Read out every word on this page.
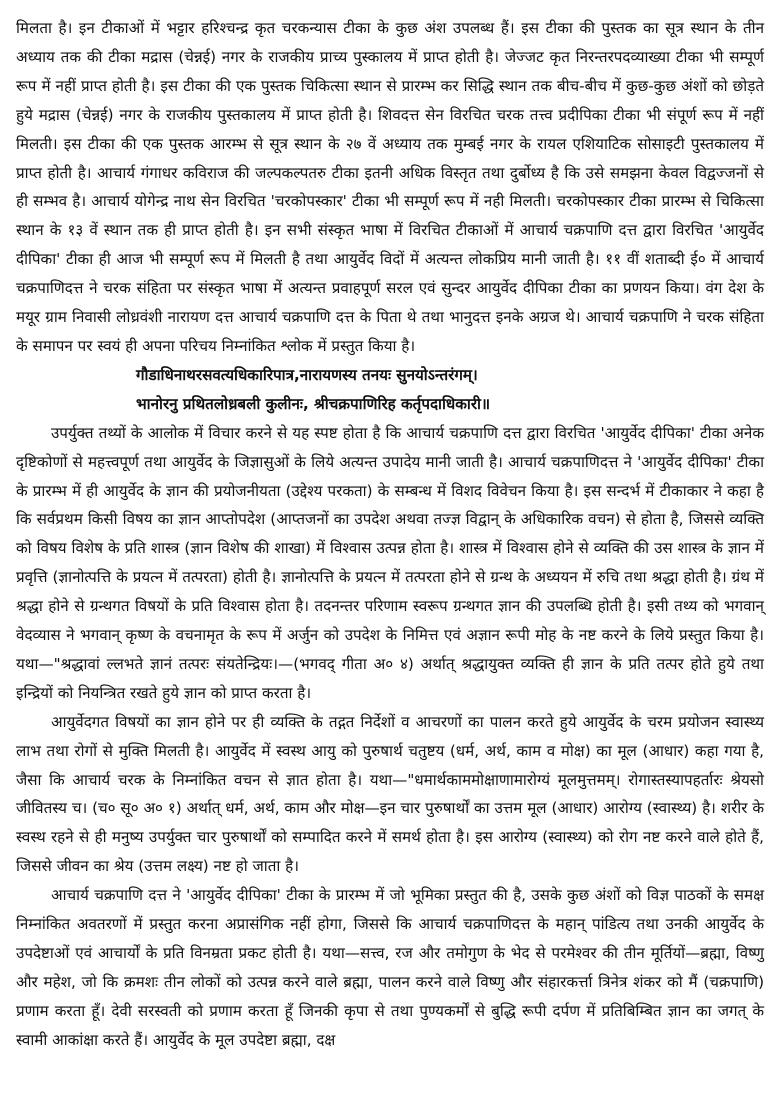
मिलता है। इन टीकाओं में भट्टार हरिश्चन्द्र कृत चरकन्यास टीका के कुछ अंश उपलब्ध हैं। इस टीका की पुस्तक का सूत्र स्थान के तीन अध्याय तक की टीका मद्रास (चेन्नई) नगर के राजकीय प्राच्य पुस्कालय में प्राप्त होती है। जेज्जट कृत निरन्तरपदव्याख्या टीका भी सम्पूर्ण रूप में नहीं प्राप्त होती है। इस टीका की एक पुस्तक चिकित्सा स्थान से प्रारम्भ कर सिद्धि स्थान तक बीच-बीच में कुछ-कुछ अंशों को छोड़ते हुये मद्रास (चेन्नई) नगर के राजकीय पुस्तकालय में प्राप्त होती है। शिवदत्त सेन विरचित चरक तत्त्व प्रदीपिका टीका भी संपूर्ण रूप में नहीं मिलती। इस टीका की एक पुस्तक आरम्भ से सूत्र स्थान के २७ वें अध्याय तक मुम्बई नगर के रायल एशियाटिक सोसाइटी पुस्तकालय में प्राप्त होती है। आचार्य गंगाधर कविराज की जल्पकल्पतरु टीका इतनी अधिक विस्तृत तथा दुर्बोध्य है कि उसे समझना केवल विद्वज्जनों से ही सम्भव है। आचार्य योगेन्द्र नाथ सेन विरचित 'चरकोपस्कार' टीका भी सम्पूर्ण रूप में नही मिलती। चरकोपस्कार टीका प्रारम्भ से चिकित्सा स्थान के १३ वें स्थान तक ही प्राप्त होती है। इन सभी संस्कृत भाषा में विरचित टीकाओं में आचार्य चक्रपाणि दत्त द्वारा विरचित 'आयुर्वेद दीपिका' टीका ही आज भी सम्पूर्ण रूप में मिलती है तथा आयुर्वेद विदों में अत्यन्त लोकप्रिय मानी जाती है। ११ वीं शताब्दी ई० में आचार्य चक्रपाणिदत्त ने चरक संहिता पर संस्कृत भाषा में अत्यन्त प्रवाहपूर्ण सरल एवं सुन्दर आयुर्वेद दीपिका टीका का प्रणयन किया। वंग देश के मयूर ग्राम निवासी लोध्रवंशी नारायण दत्त आचार्य चक्रपाणि दत्त के पिता थे तथा भानुदत्त इनके अग्रज थे। आचार्य चक्रपाणि ने चरक संहिता के समापन पर स्वयं ही अपना परिचय निम्नांकित श्लोक में प्रस्तुत किया है।

गौडाधिनाथरसवत्यधिकारिपात्र,नारायणस्य तनयः सुनयोऽन्तरंगम्।
भानोरनु प्रथितलोध्रबली कुलीनः, श्रीचक्रपाणिरिह कर्तृपदाधिकारी॥

उपर्युक्त तथ्यों के आलोक में विचार करने से यह स्पष्ट होता है कि आचार्य चक्रपाणि दत्त द्वारा विरचित 'आयुर्वेद दीपिका' टीका अनेक दृष्टिकोणों से महत्त्वपूर्ण तथा आयुर्वेद के जिज्ञासुओं के लिये अत्यन्त उपादेय मानी जाती है। आचार्य चक्रपाणिदत्त ने 'आयुर्वेद दीपिका' टीका के प्रारम्भ में ही आयुर्वेद के ज्ञान की प्रयोजनीयता (उद्देश्य परकता) के सम्बन्ध में विशद विवेचन किया है। इस सन्दर्भ में टीकाकार ने कहा है कि सर्वप्रथम किसी विषय का ज्ञान आप्तोपदेश (आप्तजनों का उपदेश अथवा तज्ज्ञ विद्वान् के अधिकारिक वचन) से होता है, जिससे व्यक्ति को विषय विशेष के प्रति शास्त्र (ज्ञान विशेष की शाखा) में विश्वास उत्पन्न होता है। शास्त्र में विश्वास होने से व्यक्ति की उस शास्त्र के ज्ञान में प्रवृत्ति (ज्ञानोत्पत्ति के प्रयत्न में तत्परता) होती है। ज्ञानोत्पत्ति के प्रयत्न में तत्परता होने से ग्रन्थ के अध्ययन में रुचि तथा श्रद्धा होती है। ग्रंथ में श्रद्धा होने से ग्रन्थगत विषयों के प्रति विश्वास होता है। तदनन्तर परिणाम स्वरूप ग्रन्थगत ज्ञान की उपलब्धि होती है। इसी तथ्य को भगवान् वेदव्यास ने भगवान् कृष्ण के वचनामृत के रूप में अर्जुन को उपदेश के निमित्त एवं अज्ञान रूपी मोह के नष्ट करने के लिये प्रस्तुत किया है। यथा—"श्रद्धावां ल्लभते ज्ञानं तत्परः संयतेन्द्रियः।—(भगवद् गीता अ० ४) अर्थात् श्रद्धायुक्त व्यक्ति ही ज्ञान के प्रति तत्पर होते हुये तथा इन्द्रियों को नियन्त्रित रखते हुये ज्ञान को प्राप्त करता है।

आयुर्वेदगत विषयों का ज्ञान होने पर ही व्यक्ति के तद्गत निर्देशों व आचरणों का पालन करते हुये आयुर्वेद के चरम प्रयोजन स्वास्थ्य लाभ तथा रोगों से मुक्ति मिलती है। आयुर्वेद में स्वस्थ आयु को पुरुषार्थ चतुष्टय (धर्म, अर्थ, काम व मोक्ष) का मूल (आधार) कहा गया है, जैसा कि आचार्य चरक के निम्नांकित वचन से ज्ञात होता है। यथा—"धमार्थकाममोक्षाणामारोग्यं मूलमुत्तमम्। रोगास्तस्यापहर्तारः श्रेयसो जीवितस्य च। (च० सू० अ० १) अर्थात् धर्म, अर्थ, काम और मोक्ष—इन चार पुरुषार्थों का उत्तम मूल (आधार) आरोग्य (स्वास्थ्य) है। शरीर के स्वस्थ रहने से ही मनुष्य उपर्युक्त चार पुरुषार्थों को सम्पादित करने में समर्थ होता है। इस आरोग्य (स्वास्थ्य) को रोग नष्ट करने वाले होते हैं, जिससे जीवन का श्रेय (उत्तम लक्ष्य) नष्ट हो जाता है।

आचार्य चक्रपाणि दत्त ने 'आयुर्वेद दीपिका' टीका के प्रारम्भ में जो भूमिका प्रस्तुत की है, उसके कुछ अंशों को विज्ञ पाठकों के समक्ष निम्नांकित अवतरणों में प्रस्तुत करना अप्रासंगिक नहीं होगा, जिससे कि आचार्य चक्रपाणिदत्त के महान् पांडित्य तथा उनकी आयुर्वेद के उपदेष्टाओं एवं आचार्यों के प्रति विनम्रता प्रकट होती है। यथा—सत्त्व, रज और तमोगुण के भेद से परमेश्वर की तीन मूर्तियों—ब्रह्मा, विष्णु और महेश, जो कि क्रमशः तीन लोकों को उत्पन्न करने वाले ब्रह्मा, पालन करने वाले विष्णु और संहारकर्त्ता त्रिनेत्र शंकर को मैं (चक्रपाणि) प्रणाम करता हूँ। देवी सरस्वती को प्रणाम करता हूँ जिनकी कृपा से तथा पुण्यकर्मों से बुद्धि रूपी दर्पण में प्रतिबिम्बित ज्ञान का जगत् के स्वामी आकांक्षा करते हैं। आयुर्वेद के मूल उपदेष्टा ब्रह्मा, दक्ष
